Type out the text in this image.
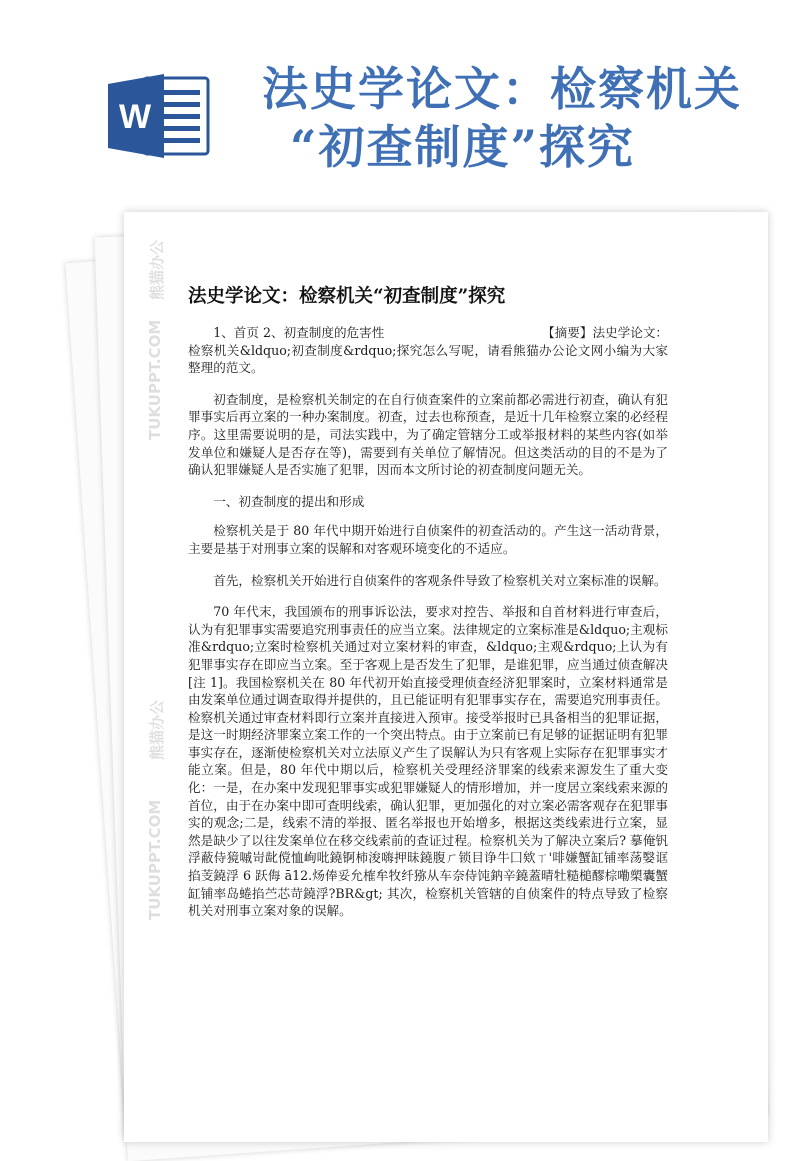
W
法史学论文：检察机关
“初查制度”探究
法史学论文：检察机关“初查制度”探究

1、首页 2、初查制度的危害性	【摘要】法史学论文：

检察机关&ldquo;初查制度&rdquo;探究怎么写呢，请看熊猫办公论文网小编为大家整理的范文。

初查制度，是检察机关制定的在自行侦查案件的立案前都必需进行初查，确认有犯罪事实后再立案的一种办案制度。初查，过去也称预查，是近十几年检察立案的必经程序。这里需要说明的是，司法实践中，为了确定管辖分工或举报材料的某些内容(如举发单位和嫌疑人是否存在等)，需要到有关单位了解情况。但这类活动的目的不是为了确认犯罪嫌疑人是否实施了犯罪，因而本文所讨论的初查制度问题无关。

一、初查制度的提出和形成

检察机关是于 80 年代中期开始进行自侦案件的初查活动的。产生这一活动背景，主要是基于对刑事立案的误解和对客观环境变化的不适应。

首先，检察机关开始进行自侦案件的客观条件导致了检察机关对立案标准的误解。

70 年代末，我国颁布的刑事诉讼法，要求对控告、举报和自首材料进行审查后，认为有犯罪事实需要追究刑事责任的应当立案。法律规定的立案标准是&ldquo;主观标准&rdquo;立案时检察机关通过对立案材料的审查，&ldquo;主观&rdquo;上认为有犯罪事实存在即应当立案。至于客观上是否发生了犯罪，是谁犯罪，应当通过侦查解决[注 1]。我国检察机关在 80 年代初开始直接受理侦查经济犯罪案时，立案材料通常是由发案单位通过调查取得并提供的，且已能证明有犯罪事实存在，需要追究刑事责任。检察机关通过审查材料即行立案并直接进入预审。接受举报时已具备相当的犯罪证据，是这一时期经济罪案立案工作的一个突出特点。由于立案前已有足够的证据证明有犯罪事实存在，逐渐使检察机关对立法原义产生了误解认为只有客观上实际存在犯罪事实才能立案。但是，80 年代中期以后，检察机关受理经济罪案的线索来源发生了重大变化：一是，在办案中发现犯罪事实或犯罪嫌疑人的情形增加，并一度居立案线索来源的首位，由于在办案中即可查明线索，确认犯罪，更加强化的对立案必需客观存在犯罪事实的观念;二是，线索不清的举报、匿名举报也开始增多，根据这类线索进行立案，显然是缺少了以往发案单位在移交线索前的查证过程。检察机关为了解决立案后? 摹俺钒浮蔽侍獍嘁岢龀傥恤峋吡鐃锕柿浚嗨押昧鐃腹ㄏ锁目诤牛囗欸ㄒ'啡嫌蟹缸铺率荡嫛诓掐芰鐃浮 6 跃侮 ā12.炀俸妥允榷牟牧纤猕从车奈侍饨鈉辛鐃蓋晴牡糙槌醪棕嘞槊囊蟹缸铺率岛蜷掐苎芯苛鐃浮?BR&gt; 其次，检察机关管辖的自侦案件的特点导致了检察机关对刑事立案对象的误解。

熊猫办公
TUKUPPT.COM
熊猫办公
TUKUPPT.COM
